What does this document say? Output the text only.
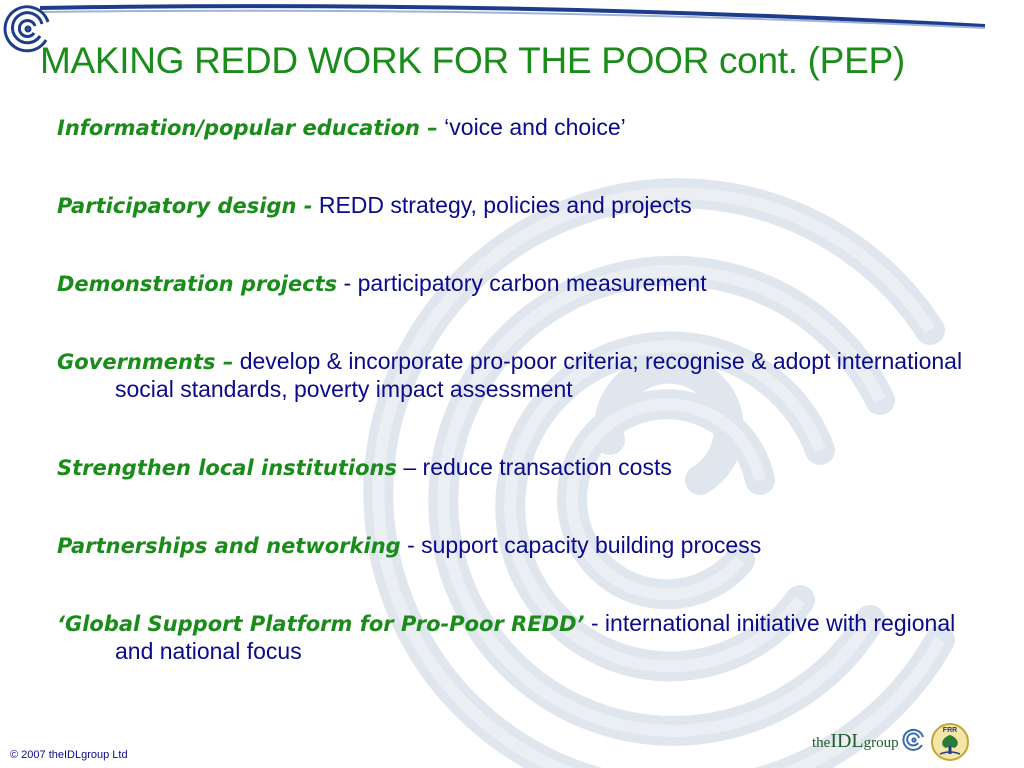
MAKING REDD WORK FOR THE POOR cont. (PEP)
Information/popular education – ‘voice and choice’
Participatory design - REDD strategy, policies and projects
Demonstration projects - participatory carbon measurement
Governments – develop & incorporate pro-poor criteria; recognise & adopt international social standards, poverty impact assessment
Strengthen local institutions – reduce transaction costs
Partnerships and networking - support capacity building process
‘Global Support Platform for Pro-Poor REDD’ - international initiative with regional and national focus
© 2007 theIDLgroup Ltd
theIDLgroup
FRR
